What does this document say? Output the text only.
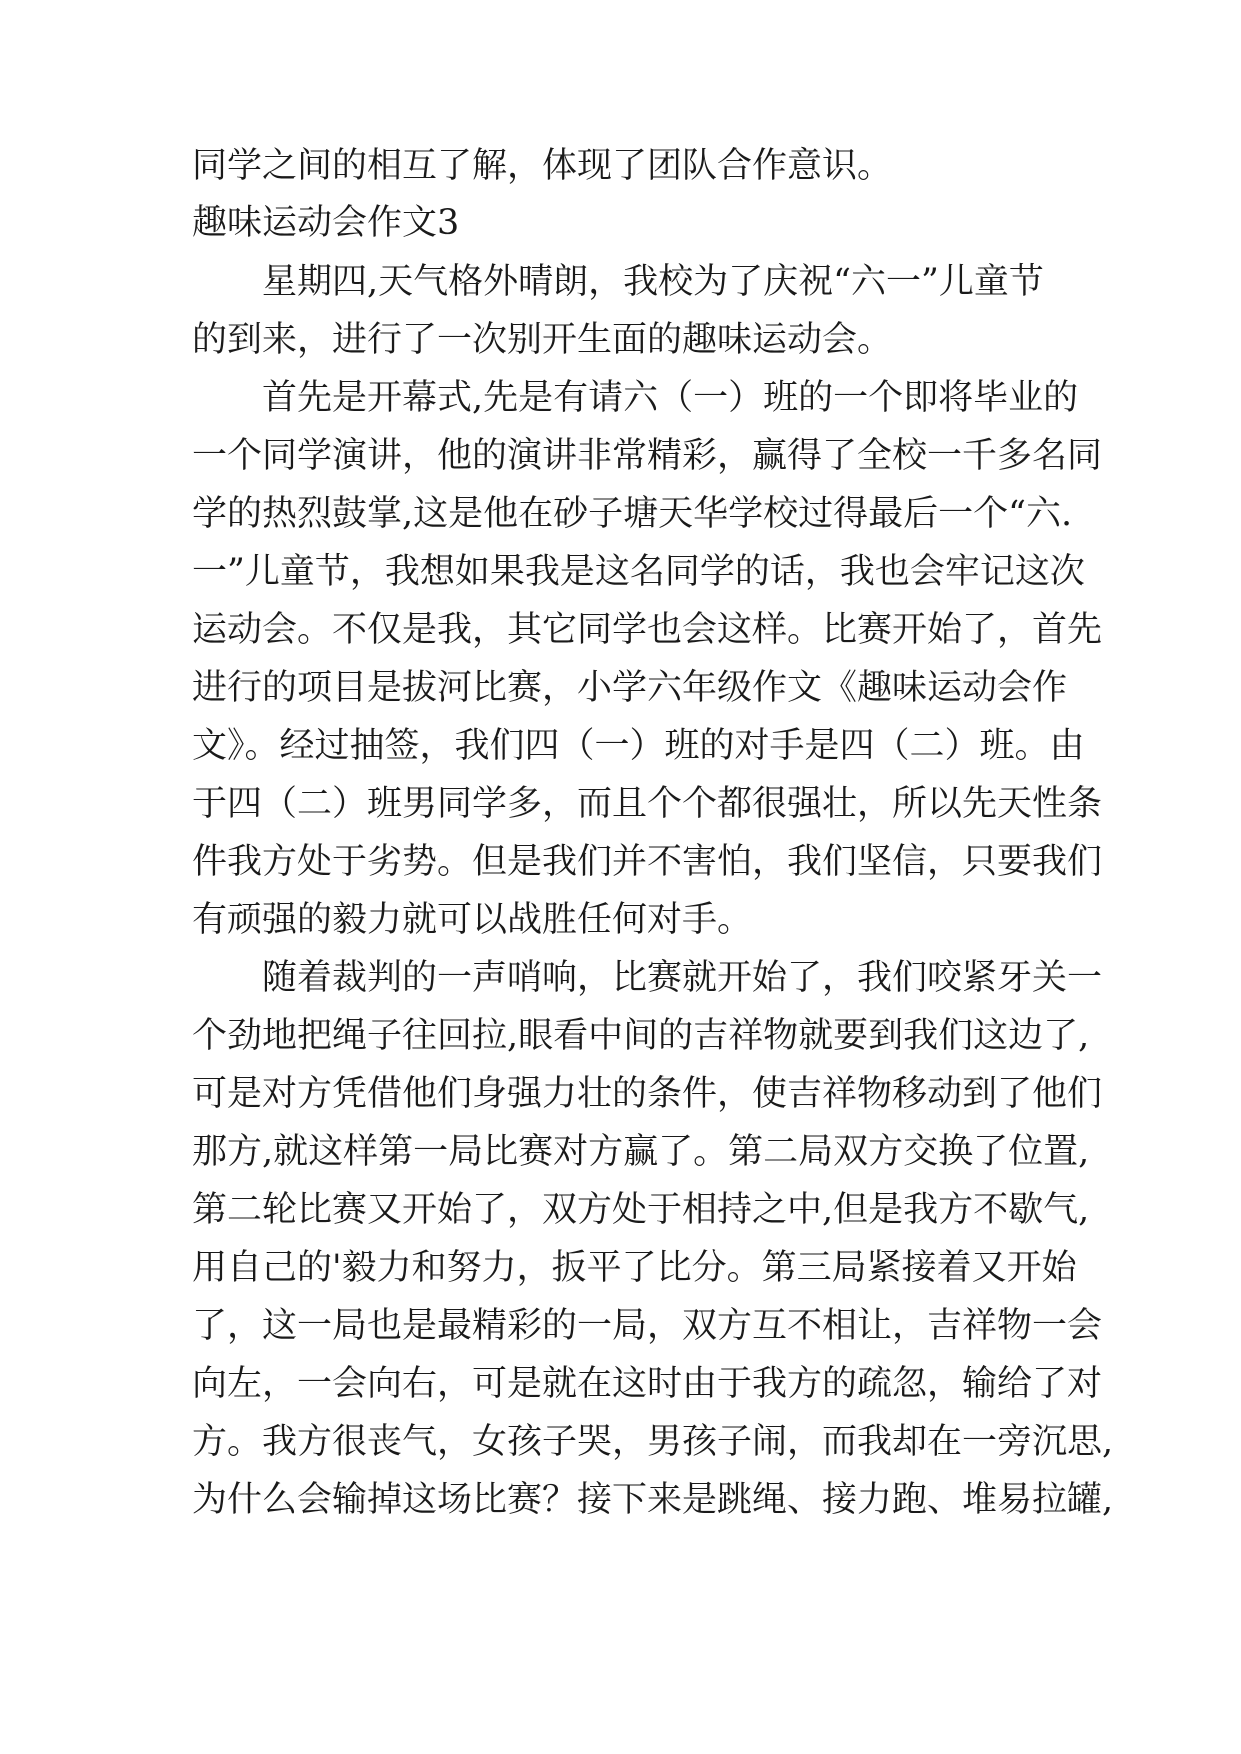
同学之间的相互了解，体现了团队合作意识。
趣味运动会作文3
星期四,天气格外晴朗，我校为了庆祝“六一”儿童节
的到来，进行了一次别开生面的趣味运动会。
首先是开幕式,先是有请六（一）班的一个即将毕业的
一个同学演讲，他的演讲非常精彩，赢得了全校一千多名同
学的热烈鼓掌,这是他在砂子塘天华学校过得最后一个“六.
一”儿童节，我想如果我是这名同学的话，我也会牢记这次
运动会。不仅是我，其它同学也会这样。比赛开始了，首先
进行的项目是拔河比赛，小学六年级作文《趣味运动会作
文》。经过抽签，我们四（一）班的对手是四（二）班。由
于四（二）班男同学多，而且个个都很强壮，所以先天性条
件我方处于劣势。但是我们并不害怕，我们坚信，只要我们
有顽强的毅力就可以战胜任何对手。
随着裁判的一声哨响，比赛就开始了，我们咬紧牙关一
个劲地把绳子往回拉,眼看中间的吉祥物就要到我们这边了,
可是对方凭借他们身强力壮的条件，使吉祥物移动到了他们
那方,就这样第一局比赛对方赢了。第二局双方交换了位置,
第二轮比赛又开始了，双方处于相持之中,但是我方不歇气,
用自己的'毅力和努力，扳平了比分。第三局紧接着又开始
了，这一局也是最精彩的一局，双方互不相让，吉祥物一会
向左，一会向右，可是就在这时由于我方的疏忽，输给了对
方。我方很丧气，女孩子哭，男孩子闹，而我却在一旁沉思,
为什么会输掉这场比赛？接下来是跳绳、接力跑、堆易拉罐,
